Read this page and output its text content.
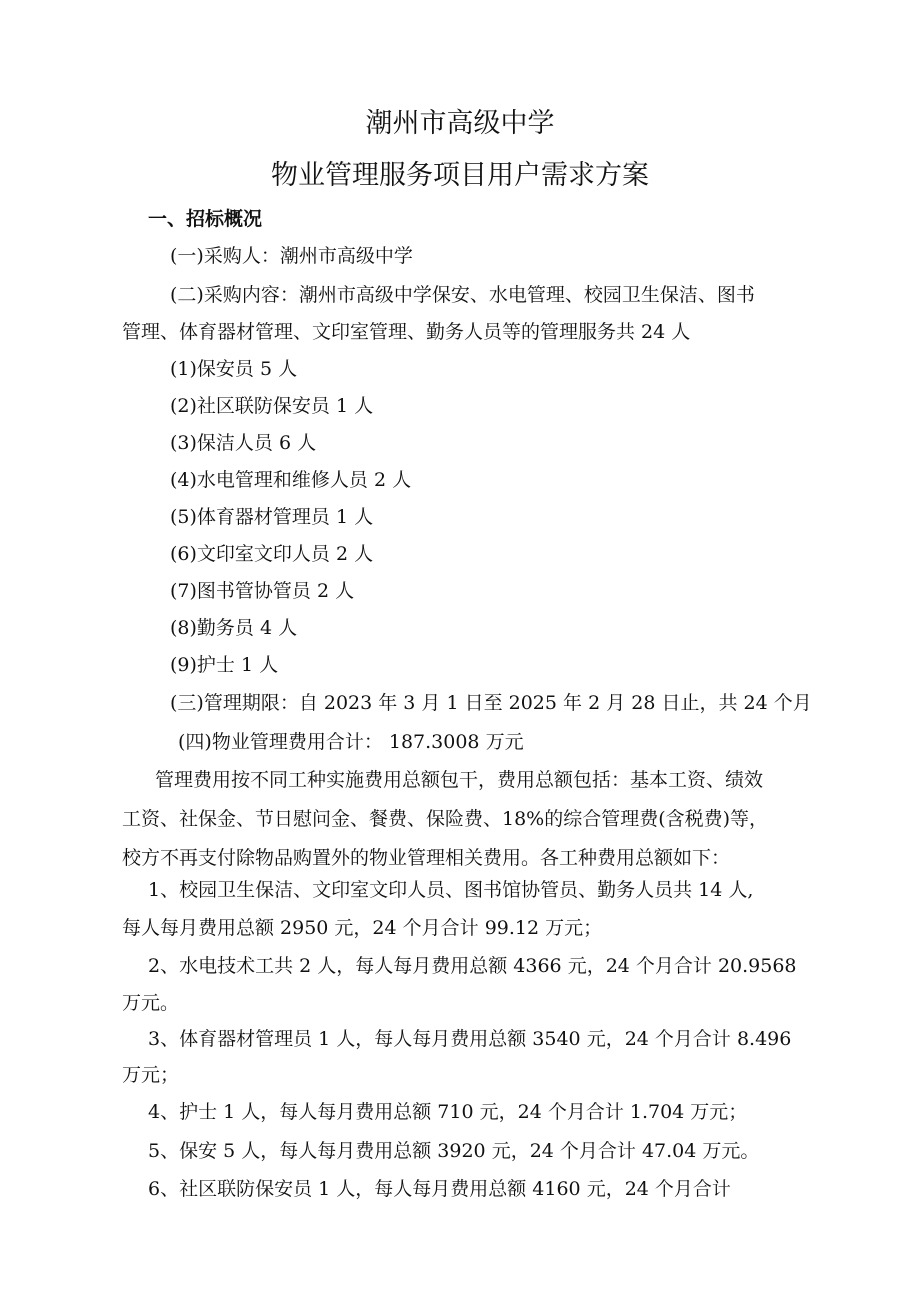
潮州市高级中学
物业管理服务项目用户需求方案
一、招标概况
(一)采购人：潮州市高级中学
(二)采购内容：潮州市高级中学保安、水电管理、校园卫生保洁、图书
管理、体育器材管理、文印室管理、勤务人员等的管理服务共 24 人
(1)保安员 5 人
(2)社区联防保安员 1 人
(3)保洁人员 6 人
(4)水电管理和维修人员 2 人
(5)体育器材管理员 1 人
(6)文印室文印人员 2 人
(7)图书管协管员 2 人
(8)勤务员 4 人
(9)护士 1 人
(三)管理期限：自 2023 年 3 月 1 日至 2025 年 2 月 28 日止，共 24 个月
(四)物业管理费用合计： 187.3008 万元
管理费用按不同工种实施费用总额包干，费用总额包括：基本工资、绩效
工资、社保金、节日慰问金、餐费、保险费、18%的综合管理费(含税费)等，
校方不再支付除物品购置外的物业管理相关费用。各工种费用总额如下：
1、校园卫生保洁、文印室文印人员、图书馆协管员、勤务人员共 14 人,
每人每月费用总额 2950 元，24 个月合计 99.12 万元；
2、水电技术工共 2 人，每人每月费用总额 4366 元，24 个月合计 20.9568
万元。
3、体育器材管理员 1 人，每人每月费用总额 3540 元，24 个月合计 8.496
万元；
4、护士 1 人，每人每月费用总额 710 元，24 个月合计 1.704 万元；
5、保安 5 人，每人每月费用总额 3920 元，24 个月合计 47.04 万元。
6、社区联防保安员 1 人，每人每月费用总额 4160 元，24 个月合计
